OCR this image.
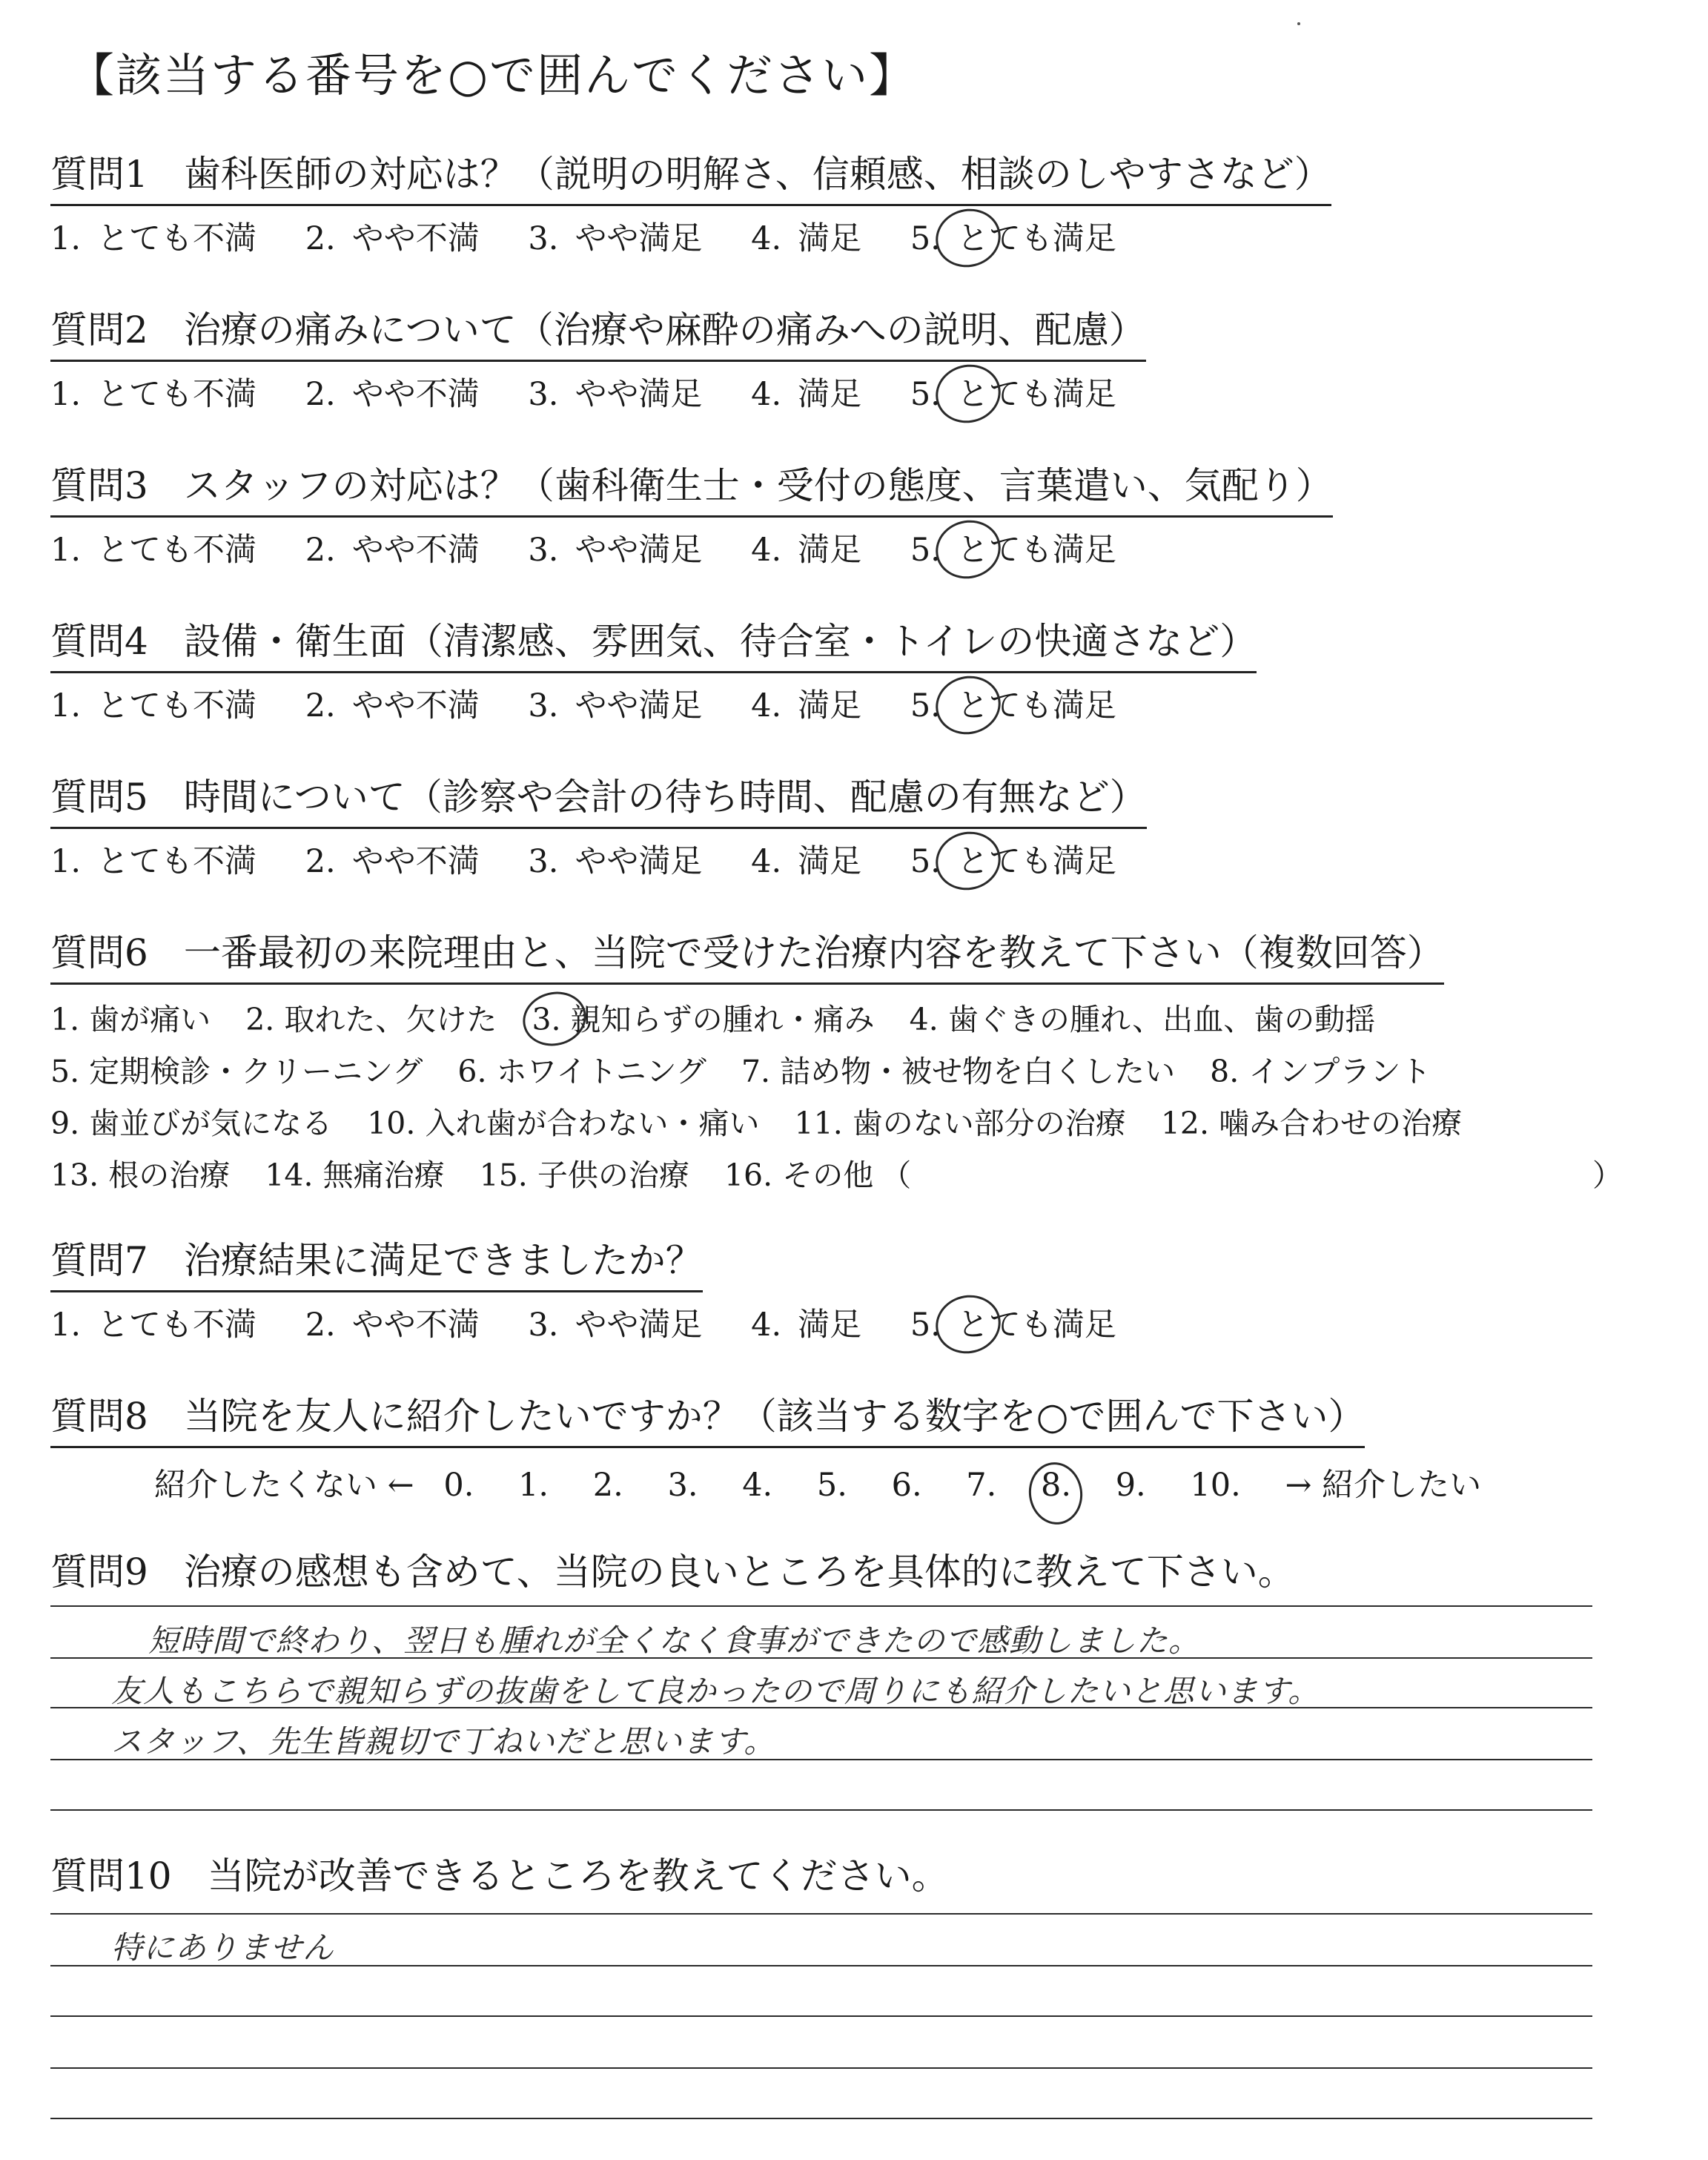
【該当する番号を○で囲んでください】
質問1 歯科医師の対応は？（説明の明解さ、信頼感、相談のしやすさなど）
1. とても不満 2. やや不満 3. やや満足 4. 満足 5. とても満足
質問2 治療の痛みについて（治療や麻酔の痛みへの説明、配慮）
1. とても不満 2. やや不満 3. やや満足 4. 満足 5. とても満足
質問3 スタッフの対応は？（歯科衛生士・受付の態度、言葉遣い、気配り）
1. とても不満 2. やや不満 3. やや満足 4. 満足 5. とても満足
質問4 設備・衛生面（清潔感、雰囲気、待合室・トイレの快適さなど）
1. とても不満 2. やや不満 3. やや満足 4. 満足 5. とても満足
質問5 時間について（診察や会計の待ち時間、配慮の有無など）
1. とても不満 2. やや不満 3. やや満足 4. 満足 5. とても満足
質問6 一番最初の来院理由と、当院で受けた治療内容を教えて下さい（複数回答）
1. 歯が痛い 2. 取れた、欠けた 3. 親知らずの腫れ・痛み 4. 歯ぐきの腫れ、出血、歯の動揺
5. 定期検診・クリーニング 6. ホワイトニング 7. 詰め物・被せ物を白くしたい 8. インプラント
9. 歯並びが気になる 10. 入れ歯が合わない・痛い 11. 歯のない部分の治療 12. 噛み合わせの治療
13. 根の治療 14. 無痛治療 15. 子供の治療 16. その他 （	）
質問7 治療結果に満足できましたか？
1. とても不満 2. やや不満 3. やや満足 4. 満足 5. とても満足
質問8 当院を友人に紹介したいですか？（該当する数字を○で囲んで下さい）
紹介したくない ← 0. 1. 2. 3. 4. 5. 6. 7. 8. 9. 10. → 紹介したい
質問9 治療の感想も含めて、当院の良いところを具体的に教えて下さい。
短時間で終わり、翌日も腫れが全くなく食事ができたので感動しました。
友人もこちらで親知らずの抜歯をして良かったので周りにも紹介したいと思います。
スタッフ、先生皆親切で丁ねいだと思います。
質問10 当院が改善できるところを教えてください。
特にありません
